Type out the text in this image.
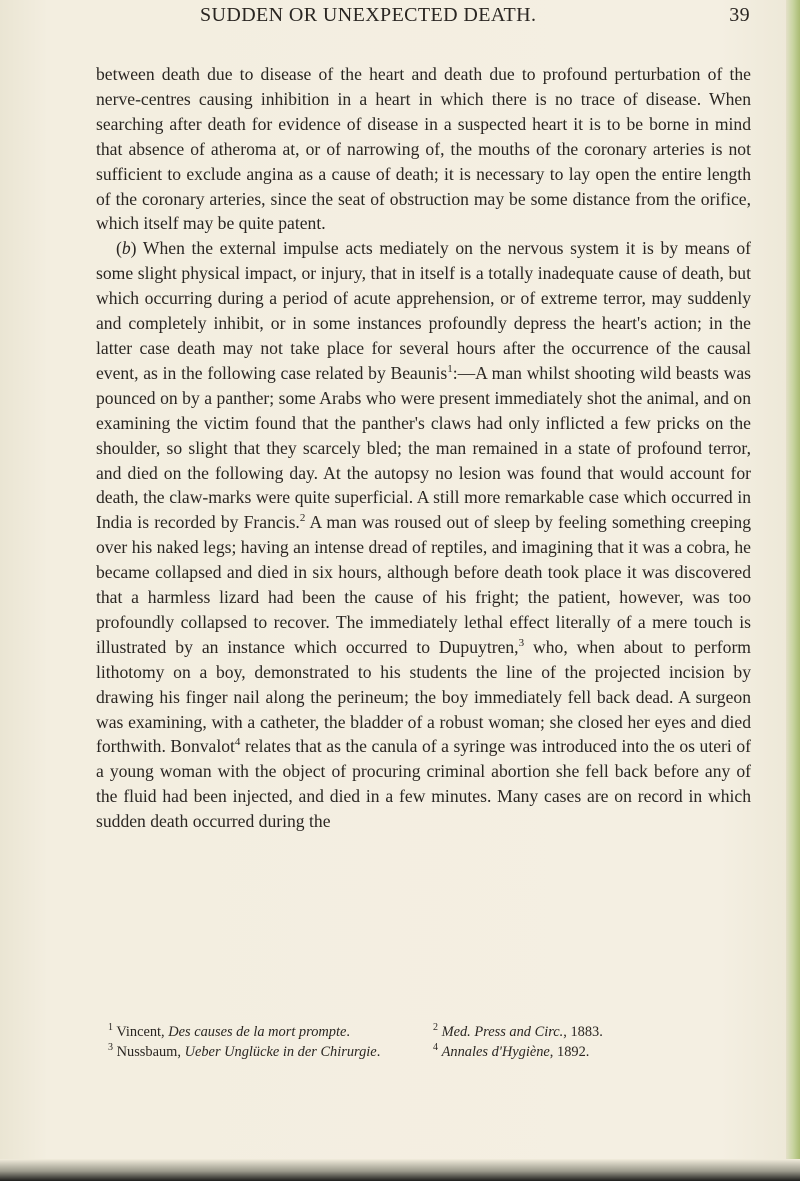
SUDDEN OR UNEXPECTED DEATH.	39

between death due to disease of the heart and death due to profound perturbation of the nerve-centres causing inhibition in a heart in which there is no trace of disease. When searching after death for evidence of disease in a suspected heart it is to be borne in mind that absence of atheroma at, or of narrowing of, the mouths of the coronary arteries is not sufficient to exclude angina as a cause of death; it is necessary to lay open the entire length of the coronary arteries, since the seat of obstruction may be some distance from the orifice, which itself may be quite patent.

(b) When the external impulse acts mediately on the nervous system it is by means of some slight physical impact, or injury, that in itself is a totally inadequate cause of death, but which occurring during a period of acute apprehension, or of extreme terror, may suddenly and completely inhibit, or in some instances profoundly depress the heart's action; in the latter case death may not take place for several hours after the occurrence of the causal event, as in the following case related by Beaunis$^1$:—A man whilst shooting wild beasts was pounced on by a panther; some Arabs who were present immediately shot the animal, and on examining the victim found that the panther's claws had only inflicted a few pricks on the shoulder, so slight that they scarcely bled; the man remained in a state of profound terror, and died on the following day. At the autopsy no lesion was found that would account for death, the claw-marks were quite superficial. A still more remarkable case which occurred in India is recorded by Francis.$^2$ A man was roused out of sleep by feeling something creeping over his naked legs; having an intense dread of reptiles, and imagining that it was a cobra, he became collapsed and died in six hours, although before death took place it was discovered that a harmless lizard had been the cause of his fright; the patient, however, was too profoundly collapsed to recover. The immediately lethal effect literally of a mere touch is illustrated by an instance which occurred to Dupuytren,$^3$ who, when about to perform lithotomy on a boy, demonstrated to his students the line of the projected incision by drawing his finger nail along the perineum; the boy immediately fell back dead. A surgeon was examining, with a catheter, the bladder of a robust woman; she closed her eyes and died forthwith. Bonvalot$^4$ relates that as the canula of a syringe was introduced into the os uteri of a young woman with the object of procuring criminal abortion she fell back before any of the fluid had been injected, and died in a few minutes. Many cases are on record in which sudden death occurred during the

$^1$ Vincent, Des causes de la mort prompte.	$^2$ Med. Press and Circ., 1883.
$^3$ Nussbaum, Ueber Unglücke in der Chirurgie.	$^4$ Annales d'Hygiène, 1892.
